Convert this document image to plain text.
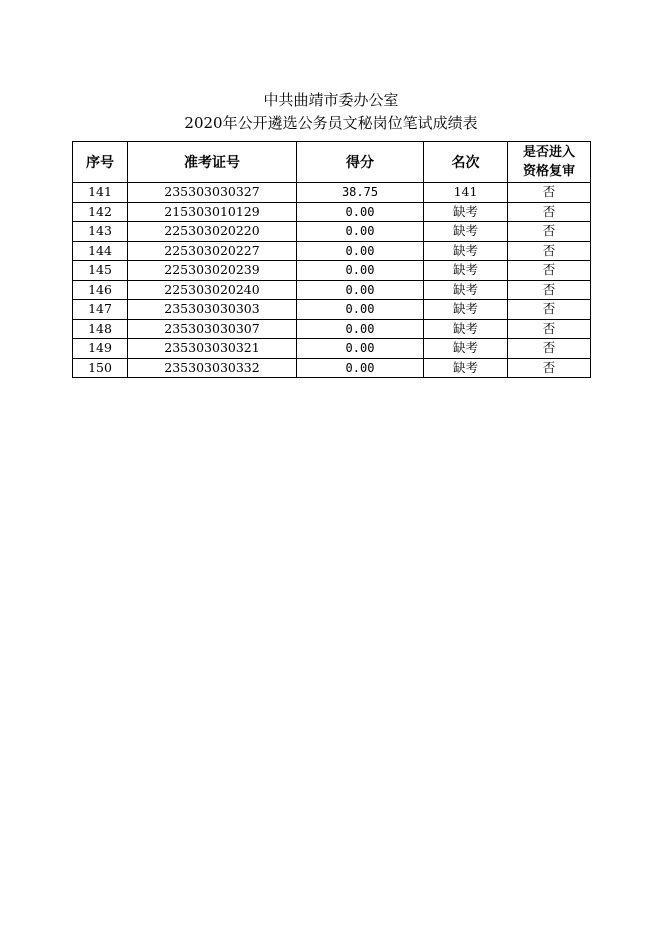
中共曲靖市委办公室
2020年公开遴选公务员文秘岗位笔试成绩表
序号	准考证号	得分	名次	是否进入
资格复审
141	235303030327	38.75	141	否
142	215303010129	0.00	缺考	否
143	225303020220	0.00	缺考	否
144	225303020227	0.00	缺考	否
145	225303020239	0.00	缺考	否
146	225303020240	0.00	缺考	否
147	235303030303	0.00	缺考	否
148	235303030307	0.00	缺考	否
149	235303030321	0.00	缺考	否
150	235303030332	0.00	缺考	否
